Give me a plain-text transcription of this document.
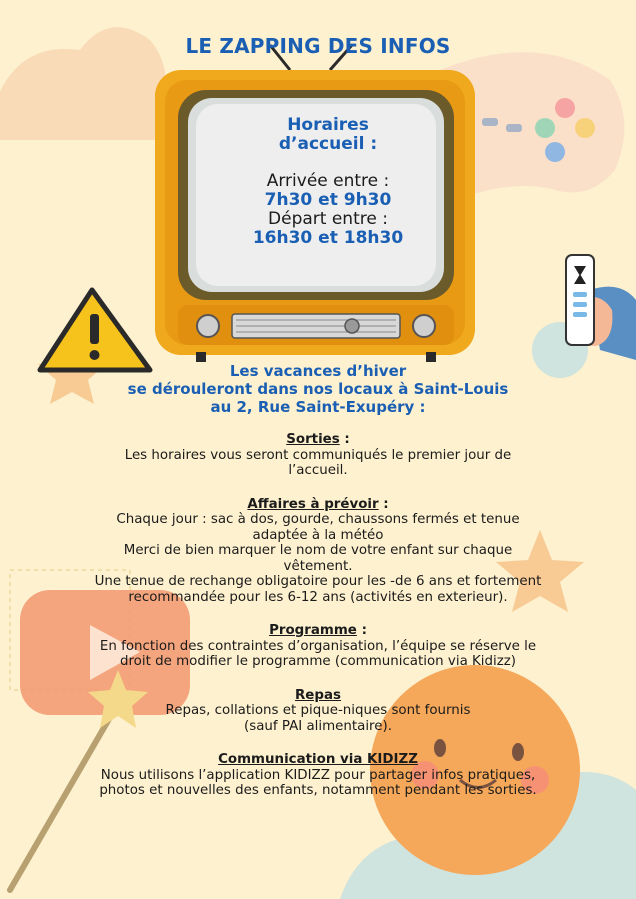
LE ZAPPING DES INFOS
Horaires
d’accueil :
Arrivée entre :
7h30 et 9h30
Départ entre :
16h30 et 18h30
Les vacances d’hiver
se dérouleront dans nos locaux à Saint-Louis
au 2, Rue Saint-Exupéry :
Sorties :
Les horaires vous seront communiqués le premier jour de
l’accueil.
Affaires à prévoir :
Chaque jour : sac à dos, gourde, chaussons fermés et tenue
adaptée à la météo
Merci de bien marquer le nom de votre enfant sur chaque
vêtement.
Une tenue de rechange obligatoire pour les -de 6 ans et fortement
recommandée pour les 6-12 ans (activités en exterieur).
Programme :
En fonction des contraintes d’organisation, l’équipe se réserve le
droit de modifier le programme (communication via Kidizz)
Repas
Repas, collations et pique-niques sont fournis
(sauf PAI alimentaire).
Communication via KIDIZZ
Nous utilisons l’application KIDIZZ pour partager infos pratiques,
photos et nouvelles des enfants, notamment pendant les sorties.
